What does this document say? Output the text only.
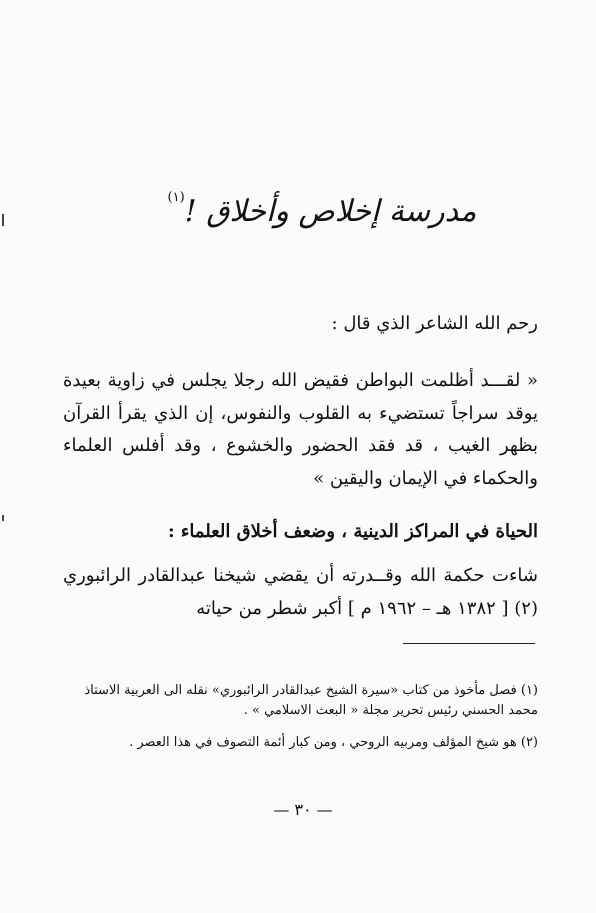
مدرسة إخلاص وأخلاق !$^{(١)}$
رحم الله الشاعر الذي قال :
« لقـــد أظلمت البواطن فقيض الله رجلا يجلس في زاوية بعيدة يوقد سراجاً تستضيء به القلوب والنفوس، إن الذي يقرأ القرآن بظهر الغيب ، قد فقد الحضور والخشوع ، وقد أفلس العلماء والحكماء في الإيمان واليقين »
الحياة في المراكز الدينية ، وضعف أخلاق العلماء :
شاءت حكمة الله وقــدرته أن يقضي شيخنا عبدالقادر الرائبوري (٢) [ ١٣٨٢ هـ – ١٩٦٢ م ] أكبر شطر من حياته
(١) فصل مأخوذ من كتاب «سيرة الشيخ عبدالقادر الرائبوري» نقله الى العربية الاستاذ محمد الحسني رئيس تحرير مجلة « البعث الاسلامي » .
(٢) هو شيخ المؤلف ومربيه الروحي ، ومن كبار أئمة التصوف في هذا العصر .
— ٣٠ —
